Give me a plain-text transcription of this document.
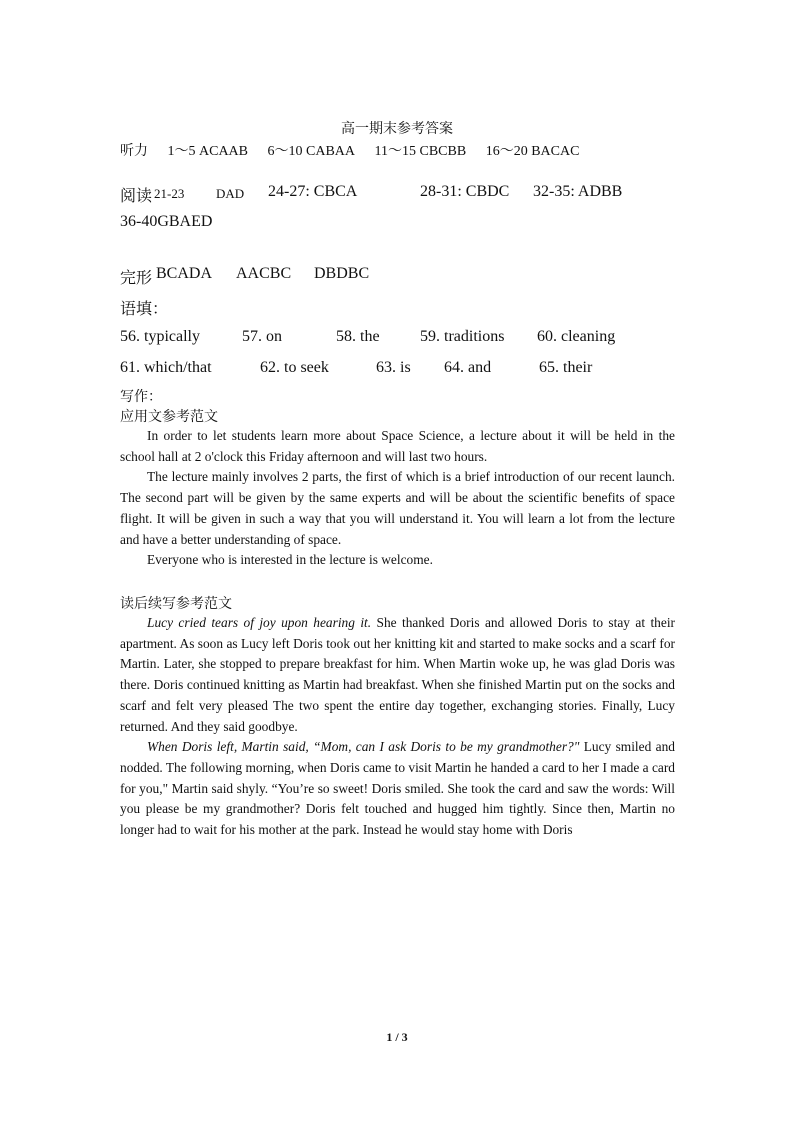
高一期末参考答案
听力 1～5 ACAAB 6～10 CABAA 11～15 CBCBB 16～20 BACAC
阅读 21-23 DAD 24-27: CBCA	28-31: CBDC 32-35: ADBB
36-40GBAED
完形 BCADA AACBC DBDBC
语填：
56. typically	57. on	58. the	59. traditions 60. cleaning
61. which/that	62. to seek	63. is 64. and	65. their
写作：
应用文参考范文

In order to let students learn more about Space Science, a lecture about it will be held in the school hall at 2 o'clock this Friday afternoon and will last two hours.

The lecture mainly involves 2 parts, the first of which is a brief introduction of our recent launch. The second part will be given by the same experts and will be about the scientific benefits of space flight. It will be given in such a way that you will understand it. You will learn a lot from the lecture and have a better understanding of space.

Everyone who is interested in the lecture is welcome.

读后续写参考范文

Lucy cried tears of joy upon hearing it. She thanked Doris and allowed Doris to stay at their apartment. As soon as Lucy left Doris took out her knitting kit and started to make socks and a scarf for Martin. Later, she stopped to prepare breakfast for him. When Martin woke up, he was glad Doris was there. Doris continued knitting as Martin had breakfast. When she finished Martin put on the socks and scarf and felt very pleased The two spent the entire day together, exchanging stories. Finally, Lucy returned. And they said goodbye.

When Doris left, Martin said, “Mom, can I ask Doris to be my grandmother?" Lucy smiled and nodded. The following morning, when Doris came to visit Martin he handed a card to her I made a card for you," Martin said shyly. “You’re so sweet! Doris smiled. She took the card and saw the words: Will you please be my grandmother? Doris felt touched and hugged him tightly. Since then, Martin no longer had to wait for his mother at the park. Instead he would stay home with Doris

1 / 3
